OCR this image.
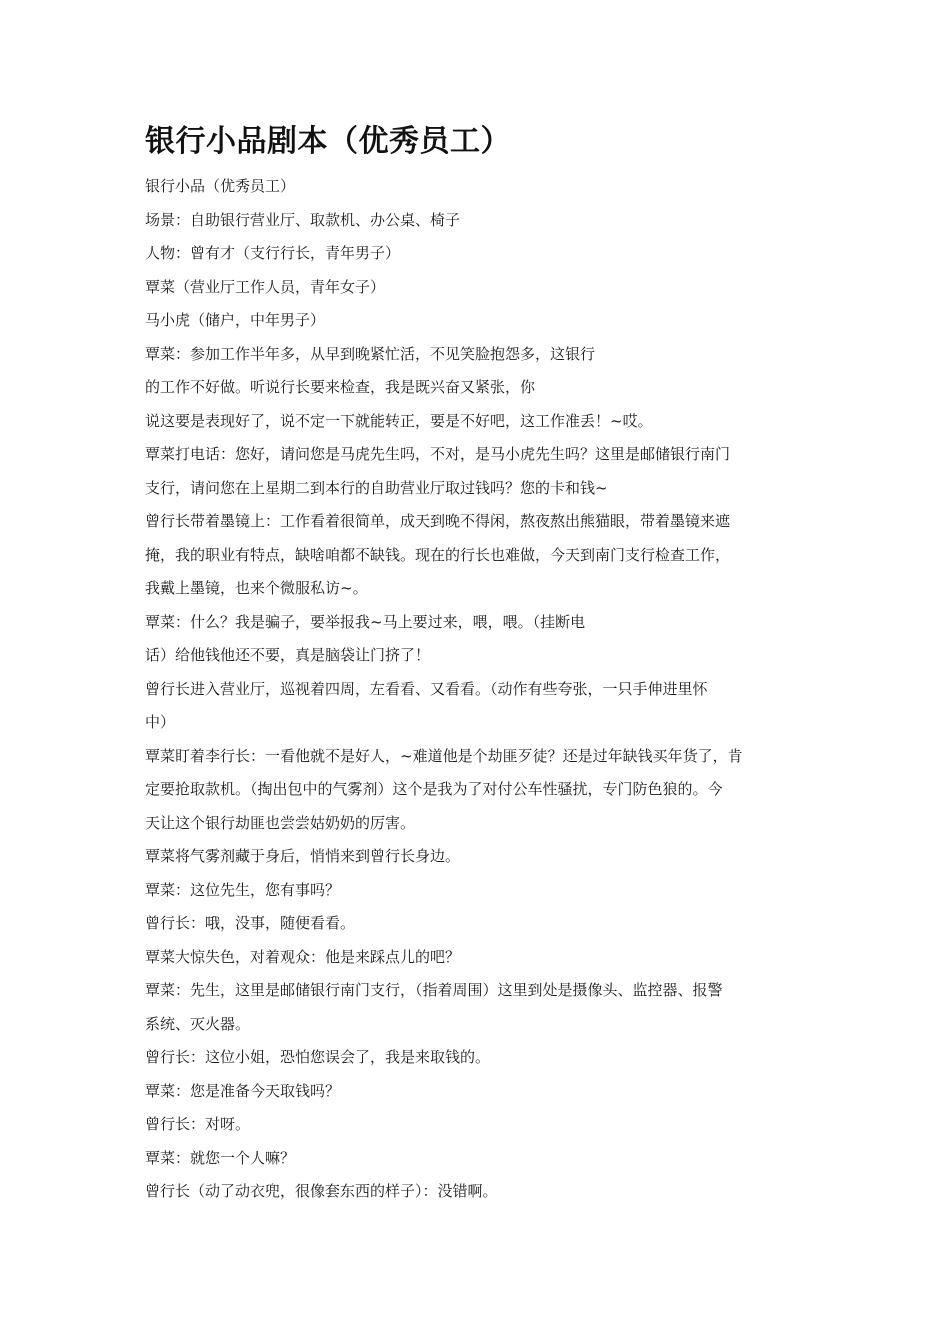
银行小品剧本（优秀员工）
银行小品（优秀员工）
场景：自助银行营业厅、取款机、办公桌、椅子
人物：曾有才（支行行长，青年男子）
覃菜（营业厅工作人员，青年女子）
马小虎（储户，中年男子）
覃菜：参加工作半年多，从早到晚紧忙活，不见笑脸抱怨多，这银行
的工作不好做。听说行长要来检查，我是既兴奋又紧张，你
说这要是表现好了，说不定一下就能转正，要是不好吧，这工作准丢！~哎。
覃菜打电话：您好，请问您是马虎先生吗，不对，是马小虎先生吗？这里是邮储银行南门
支行，请问您在上星期二到本行的自助营业厅取过钱吗？您的卡和钱~
曾行长带着墨镜上：工作看着很简单，成天到晚不得闲，熬夜熬出熊猫眼，带着墨镜来遮
掩，我的职业有特点，缺啥咱都不缺钱。现在的行长也难做，今天到南门支行检查工作，
我戴上墨镜，也来个微服私访~。
覃菜：什么？我是骗子，要举报我~马上要过来，喂，喂。（挂断电
话）给他钱他还不要，真是脑袋让门挤了！
曾行长进入营业厅，巡视着四周，左看看、又看看。（动作有些夸张，一只手伸进里怀
中）
覃菜盯着李行长：一看他就不是好人，~难道他是个劫匪歹徒？还是过年缺钱买年货了，肯
定要抢取款机。（掏出包中的气雾剂）这个是我为了对付公车性骚扰，专门防色狼的。今
天让这个银行劫匪也尝尝姑奶奶的厉害。
覃菜将气雾剂藏于身后，悄悄来到曾行长身边。
覃菜：这位先生，您有事吗？
曾行长：哦，没事，随便看看。
覃菜大惊失色，对着观众：他是来踩点儿的吧？
覃菜：先生，这里是邮储银行南门支行，（指着周围）这里到处是摄像头、监控器、报警
系统、灭火器。
曾行长：这位小姐，恐怕您误会了，我是来取钱的。
覃菜：您是准备今天取钱吗？
曾行长：对呀。
覃菜：就您一个人嘛？
曾行长（动了动衣兜，很像套东西的样子）：没错啊。
